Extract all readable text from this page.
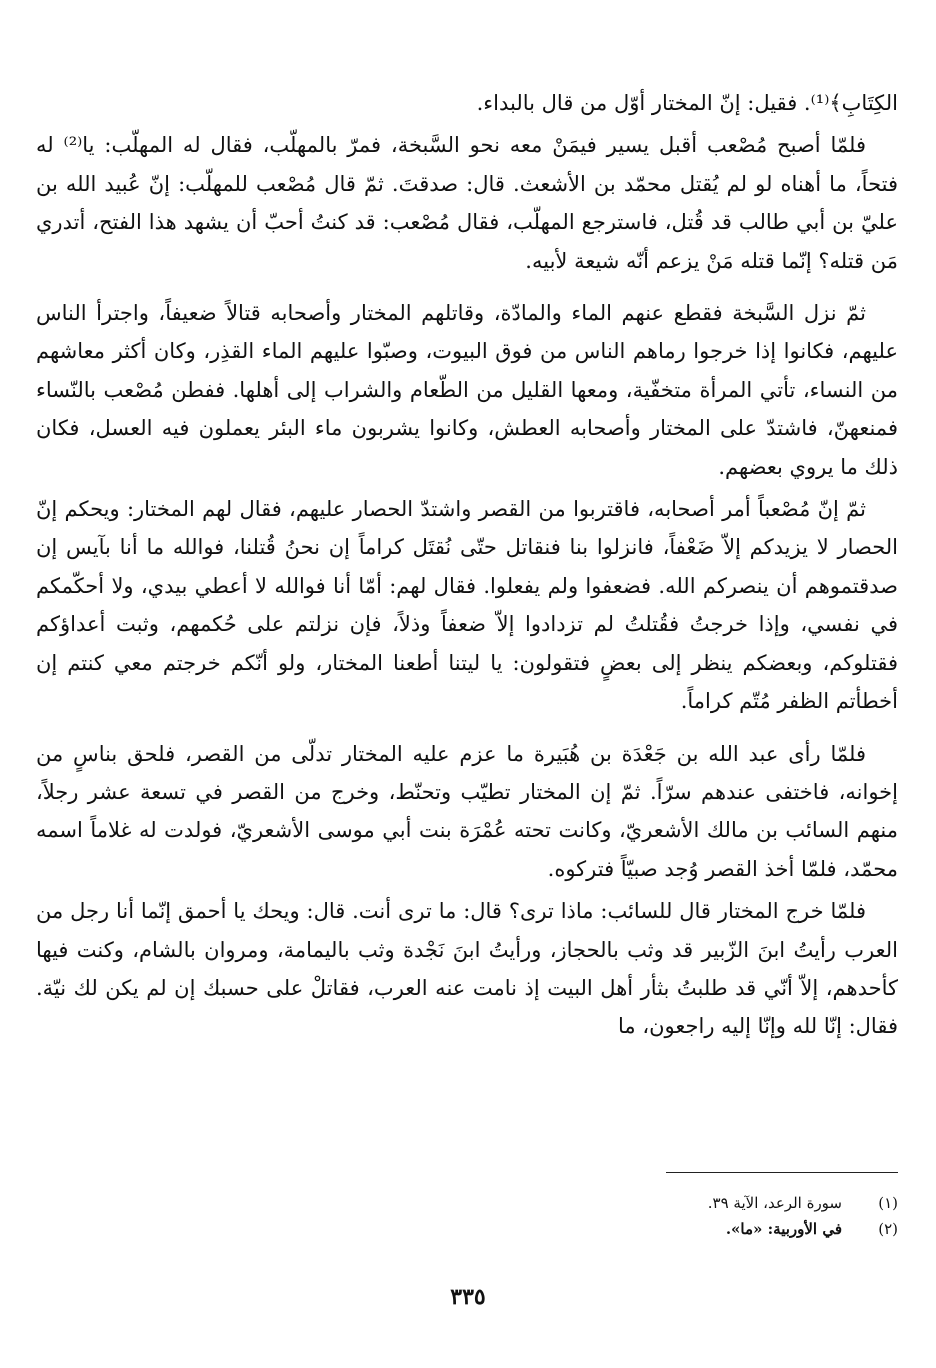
الكِتَابِ﴾⁽¹⁾. فقيل: إنّ المختار أوّل من قال بالبداء.

فلمّا أصبح مُصْعب أقبل يسير فيمَنْ معه نحو السَّبخة، فمرّ بالمهلّب، فقال له المهلّب: يا⁽²⁾ له فتحاً، ما أهناه لو لم يُقتل محمّد بن الأشعث. قال: صدقتَ. ثمّ قال مُصْعب للمهلّب: إنّ عُبيد الله بن عليّ بن أبي طالب قد قُتل، فاسترجع المهلّب، فقال مُصْعب: قد كنتُ أحبّ أن يشهد هذا الفتح، أتدري مَن قتله؟ إنّما قتله مَنْ يزعم أنّه شيعة لأبيه.

ثمّ نزل السَّبخة فقطع عنهم الماء والمادّة، وقاتلهم المختار وأصحابه قتالاً ضعيفاً، واجترأ الناس عليهم، فكانوا إذا خرجوا رماهم الناس من فوق البيوت، وصبّوا عليهم الماء القذِر، وكان أكثر معاشهم من النساء، تأتي المرأة متخفّية، ومعها القليل من الطّعام والشراب إلى أهلها. ففطن مُصْعب بالنّساء فمنعهنّ، فاشتدّ على المختار وأصحابه العطش، وكانوا يشربون ماء البئر يعملون فيه العسل، فكان ذلك ما يروي بعضهم.

ثمّ إنّ مُصْعباً أمر أصحابه، فاقتربوا من القصر واشتدّ الحصار عليهم، فقال لهم المختار: ويحكم إنّ الحصار لا يزيدكم إلاّ ضَعْفاً، فانزلوا بنا فنقاتل حتّى نُقتَل كراماً إن نحنُ قُتلنا، فوالله ما أنا بآيس إن صدقتموهم أن ينصركم الله. فضعفوا ولم يفعلوا. فقال لهم: أمّا أنا فوالله لا أعطي بيدي، ولا أحكّمكم في نفسي، وإذا خرجتُ فقُتلتُ لم تزدادوا إلاّ ضعفاً وذلاً، فإن نزلتم على حُكمهم، وثبت أعداؤكم فقتلوكم، وبعضكم ينظر إلى بعضٍ فتقولون: يا ليتنا أطعنا المختار، ولو أنّكم خرجتم معي كنتم إن أخطأتم الظفر مُتّم كراماً.

فلمّا رأى عبد الله بن جَعْدَة بن هُبَيرة ما عزم عليه المختار تدلّى من القصر، فلحق بناسٍ من إخوانه، فاختفى عندهم سرّاً. ثمّ إن المختار تطيّب وتحنّط، وخرج من القصر في تسعة عشر رجلاً، منهم السائب بن مالك الأشعريّ، وكانت تحته عُمْرَة بنت أبي موسى الأشعريّ، فولدت له غلاماً اسمه محمّد، فلمّا أخذ القصر وُجد صبيّاً فتركوه.

فلمّا خرج المختار قال للسائب: ماذا ترى؟ قال: ما ترى أنت. قال: ويحك يا أحمق إنّما أنا رجل من العرب رأيتُ ابنَ الزّبير قد وثب بالحجاز، ورأيتُ ابنَ نَجْدة وثب باليمامة، ومروان بالشام، وكنت فيها كأحدهم، إلاّ أنّي قد طلبتُ بثأر أهل البيت إذ نامت عنه العرب، فقاتلْ على حسبك إن لم يكن لك نيّة. فقال: إنّا لله وإنّا إليه راجعون، ما

(١)
سورة الرعد، الآية ٣٩.
(٢)
في الأوربية: «ما».
٣٣٥
